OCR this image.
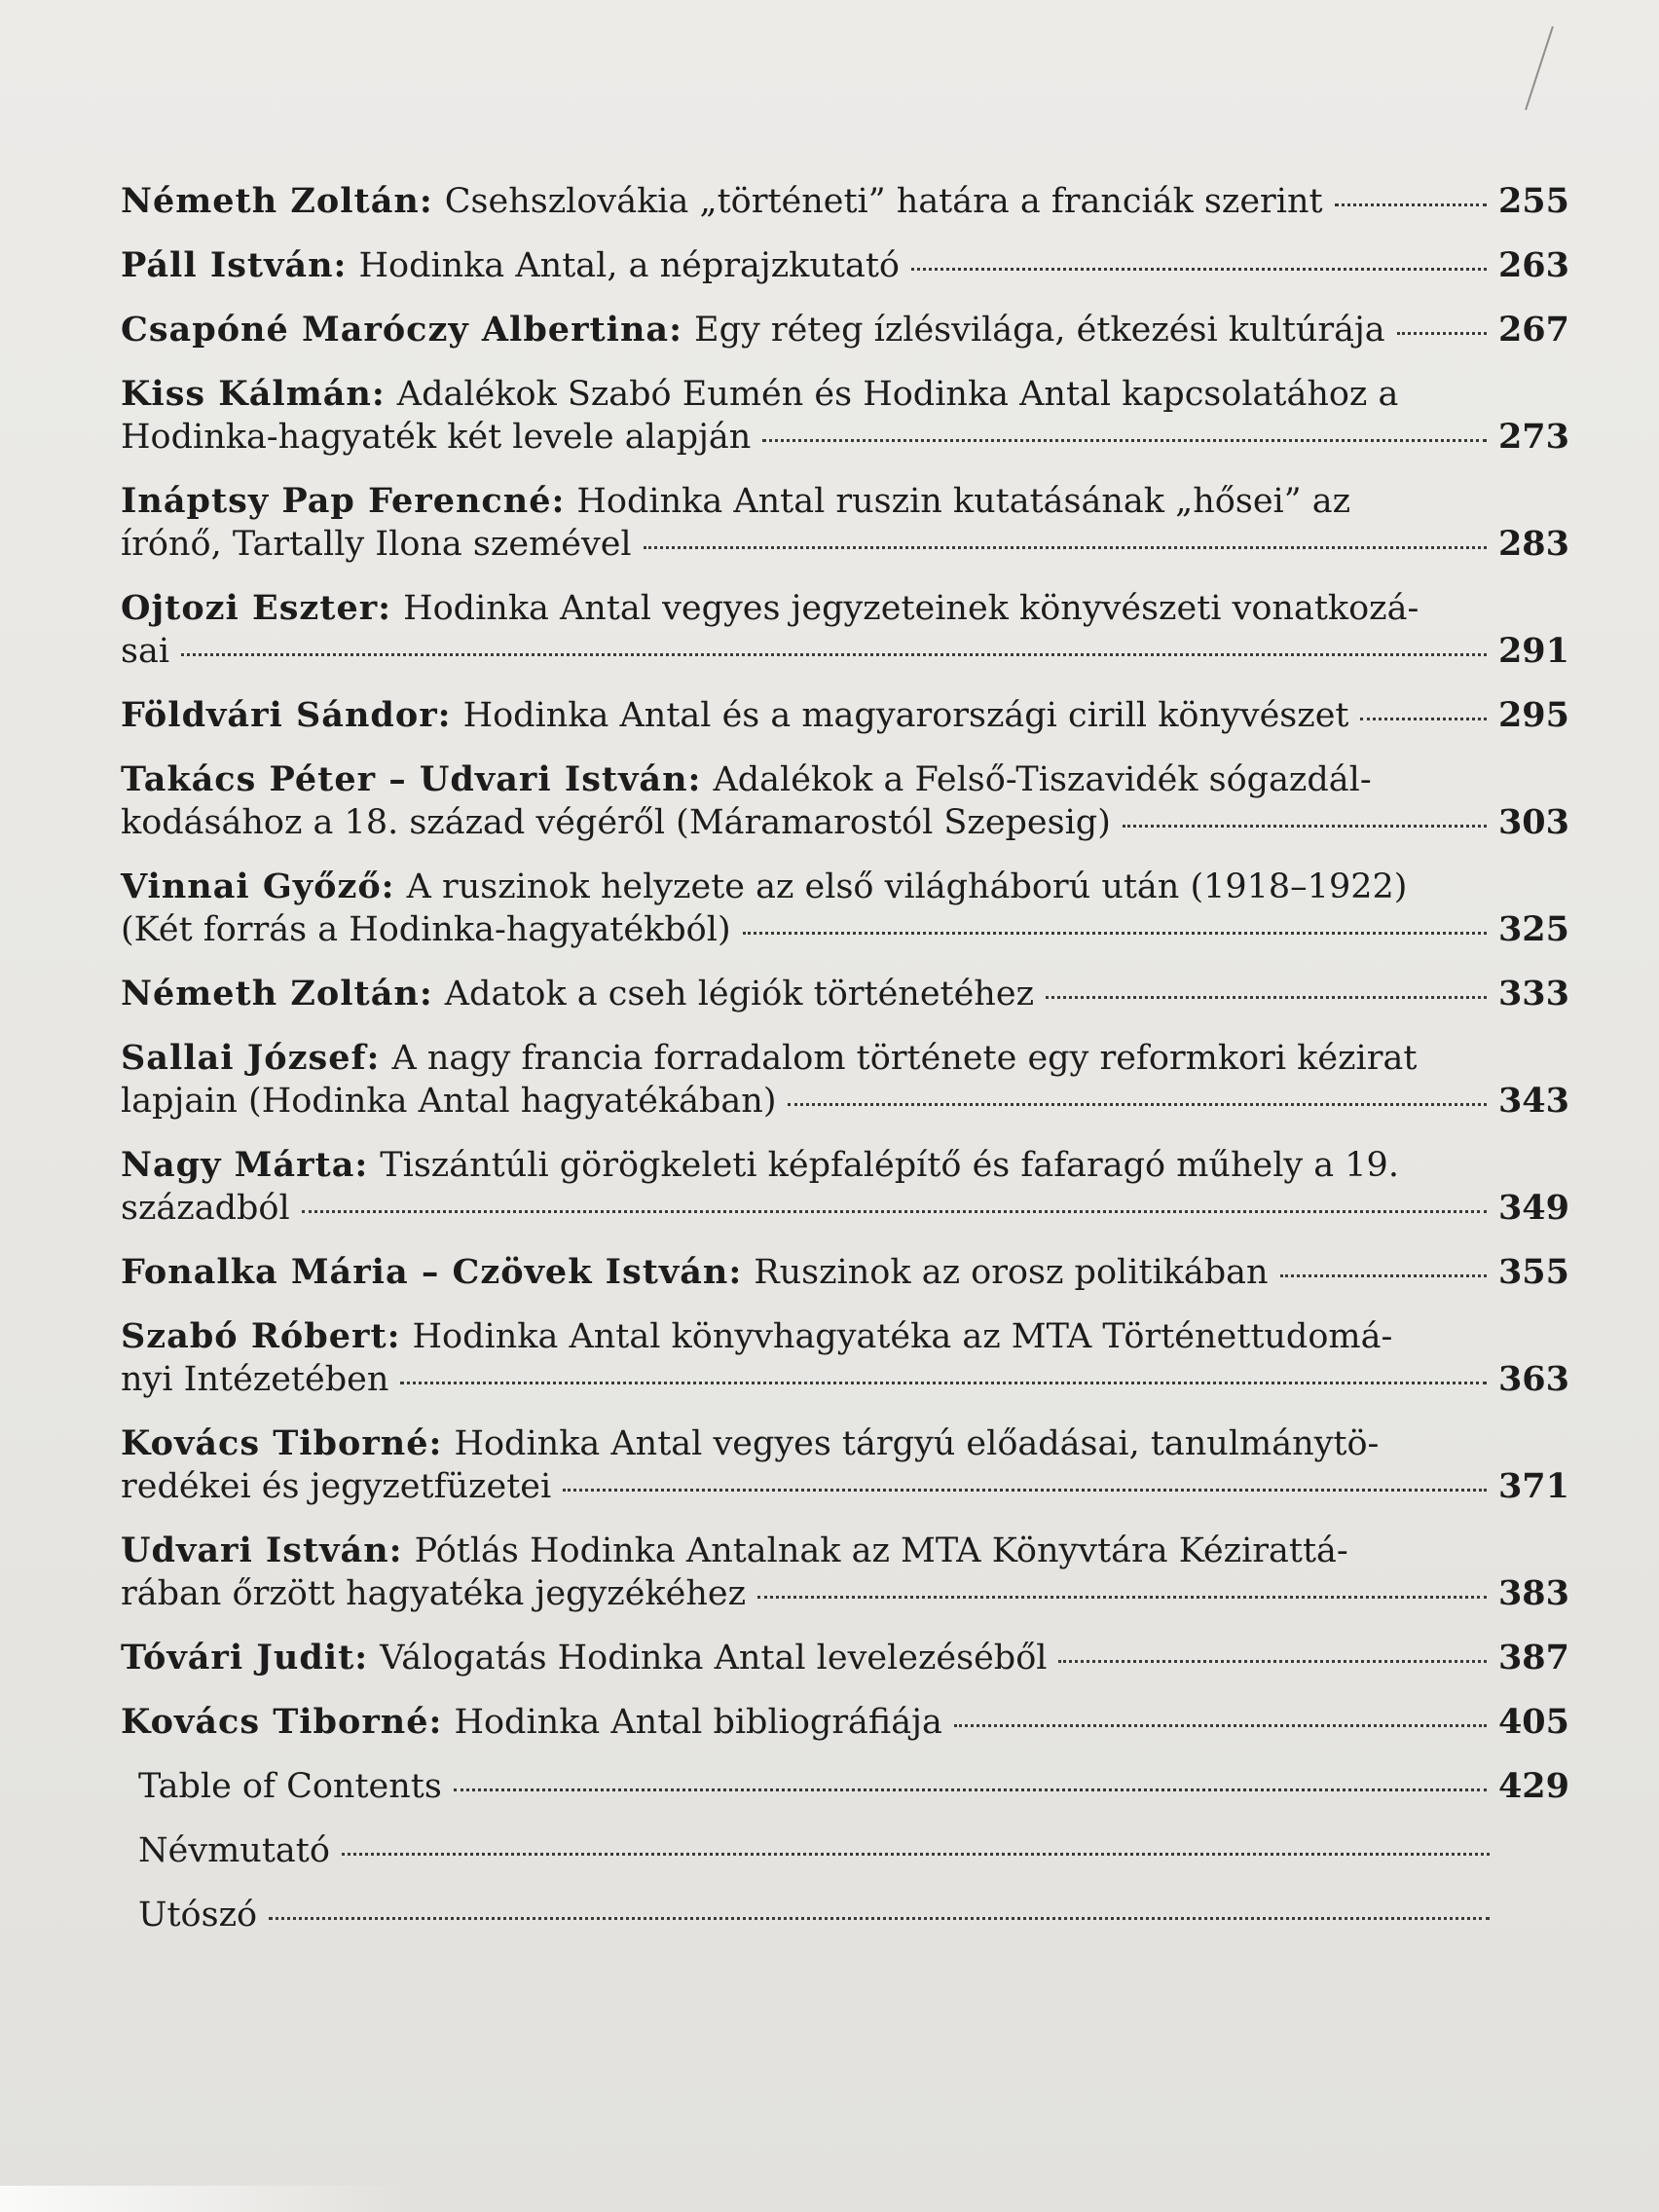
Németh Zoltán: Csehszlovákia „történeti” határa a franciák szerint	255
Páll István: Hodinka Antal, a néprajzkutató	263
Csapóné Maróczy Albertina: Egy réteg ízlésvilága, étkezési kultúrája	267
Kiss Kálmán: Adalékok Szabó Eumén és Hodinka Antal kapcsolatához a
Hodinka-hagyaték két levele alapján	273
Ináptsy Pap Ferencné: Hodinka Antal ruszin kutatásának „hősei” az
írónő, Tartally Ilona szemével	283
Ojtozi Eszter: Hodinka Antal vegyes jegyzeteinek könyvészeti vonatkozá-
sai	291
Földvári Sándor: Hodinka Antal és a magyarországi cirill könyvészet	295
Takács Péter – Udvari István: Adalékok a Felső-Tiszavidék sógazdál-
kodásához a 18. század végéről (Máramarostól Szepesig)	303
Vinnai Győző: A ruszinok helyzete az első világháború után (1918–1922)
(Két forrás a Hodinka-hagyatékból)	325
Németh Zoltán: Adatok a cseh légiók történetéhez	333
Sallai József: A nagy francia forradalom története egy reformkori kézirat
lapjain (Hodinka Antal hagyatékában)	343
Nagy Márta: Tiszántúli görögkeleti képfalépítő és fafaragó műhely a 19.
századból	349
Fonalka Mária – Czövek István: Ruszinok az orosz politikában	355
Szabó Róbert: Hodinka Antal könyvhagyatéka az MTA Történettudomá-
nyi Intézetében	363
Kovács Tiborné: Hodinka Antal vegyes tárgyú előadásai, tanulmánytö-
redékei és jegyzetfüzetei	371
Udvari István: Pótlás Hodinka Antalnak az MTA Könyvtára Kézirattá-
rában őrzött hagyatéka jegyzékéhez	383
Tóvári Judit: Válogatás Hodinka Antal levelezéséből	387
Kovács Tiborné: Hodinka Antal bibliográfiája	405
Table of Contents	429
Névmutató
Utószó
